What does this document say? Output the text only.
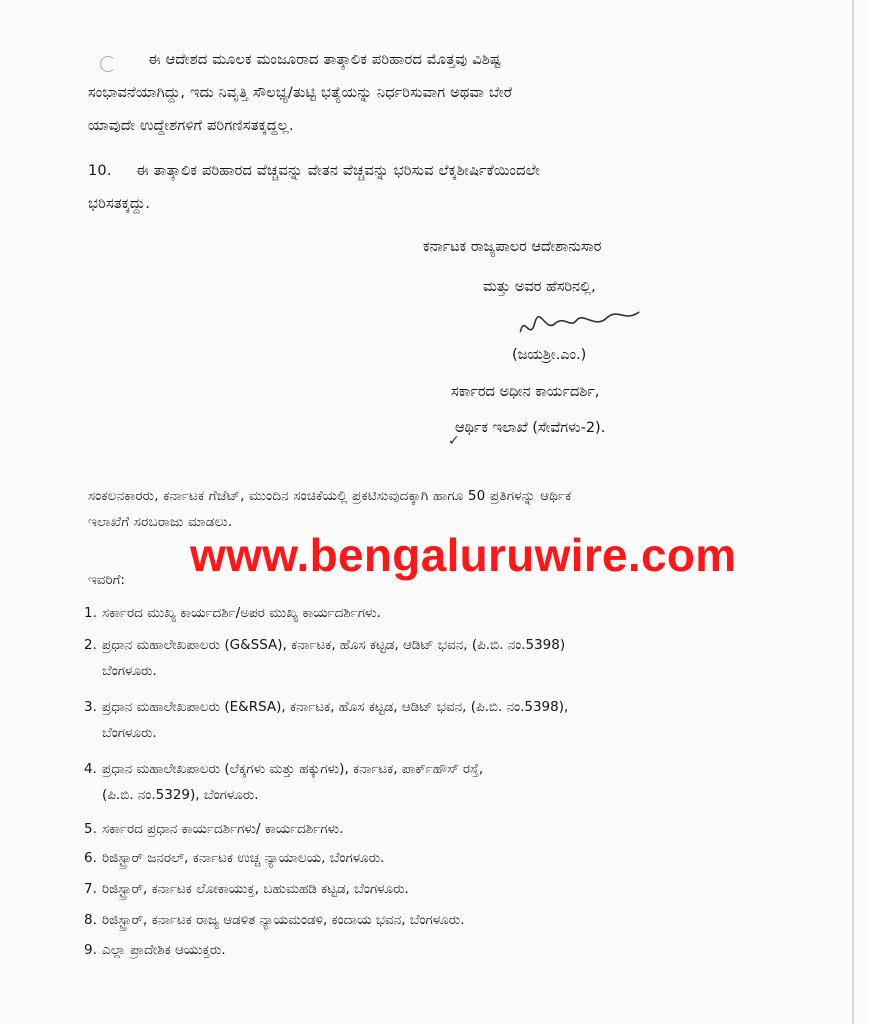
ಈ ಆದೇಶದ ಮೂಲಕ ಮಂಜೂರಾದ ತಾತ್ಕಾಲಿಕ ಪರಿಹಾರದ ಮೊತ್ತವು ವಿಶಿಷ್ಟ
ಸಂಭಾವನೆಯಾಗಿದ್ದು, ಇದು ನಿವೃತ್ತಿ ಸೌಲಭ್ಯ/ತುಟ್ಟಿ ಭತ್ಯೆಯನ್ನು ನಿರ್ಧರಿಸುವಾಗ ಅಥವಾ ಬೇರೆ
ಯಾವುದೇ ಉದ್ದೇಶಗಳಿಗೆ ಪರಿಗಣಿಸತಕ್ಕದ್ದಲ್ಲ.
10. ಈ ತಾತ್ಕಾಲಿಕ ಪರಿಹಾರದ ವೆಚ್ಚವನ್ನು ವೇತನ ವೆಚ್ಚವನ್ನು ಭರಿಸುವ ಲೆಕ್ಕಶೀರ್ಷಿಕೆಯಿಂದಲೇ
ಭರಿಸತಕ್ಕದ್ದು.
ಕರ್ನಾಟಕ ರಾಜ್ಯಪಾಲರ ಆದೇಶಾನುಸಾರ
ಮತ್ತು ಅವರ ಹೆಸರಿನಲ್ಲಿ,
(ಜಯಶ್ರೀ.ಎಂ.)
ಸರ್ಕಾರದ ಅಧೀನ ಕಾರ್ಯದರ್ಶಿ,
✓
ಆರ್ಥಿಕ ಇಲಾಖೆ (ಸೇವೆಗಳು-2).
ಸಂಕಲನಕಾರರು, ಕರ್ನಾಟಕ ಗೆಜೆಟ್, ಮುಂದಿನ ಸಂಚಿಕೆಯಲ್ಲಿ ಪ್ರಕಟಿಸುವುದಕ್ಕಾಗಿ ಹಾಗೂ 50 ಪ್ರತಿಗಳನ್ನು ಆರ್ಥಿಕ
ಇಲಾಖೆಗೆ ಸರಬರಾಜು ಮಾಡಲು.
www.bengaluruwire.com
ಇವರಿಗೆ:
1. ಸರ್ಕಾರದ ಮುಖ್ಯ ಕಾರ್ಯದರ್ಶಿ/ಅಪರ ಮುಖ್ಯ ಕಾರ್ಯದರ್ಶಿಗಳು.
2. ಪ್ರಧಾನ ಮಹಾಲೇಖಪಾಲರು (G&SSA), ಕರ್ನಾಟಕ, ಹೊಸ ಕಟ್ಟಡ, ಆಡಿಟ್ ಭವನ, (ಪಿ.ಬಿ. ನಂ.5398)
ಬೆಂಗಳೂರು.
3. ಪ್ರಧಾನ ಮಹಾಲೇಖಪಾಲರು (E&RSA), ಕರ್ನಾಟಕ, ಹೊಸ ಕಟ್ಟಡ, ಆಡಿಟ್ ಭವನ, (ಪಿ.ಬಿ. ನಂ.5398),
ಬೆಂಗಳೂರು.
4. ಪ್ರಧಾನ ಮಹಾಲೇಖಪಾಲರು (ಲೆಕ್ಕಗಳು ಮತ್ತು ಹಕ್ಕುಗಳು), ಕರ್ನಾಟಕ, ಪಾರ್ಕ್‌ಹೌಸ್ ರಸ್ತೆ,
(ಪಿ.ಬಿ. ನಂ.5329), ಬೆಂಗಳೂರು.
5. ಸರ್ಕಾರದ ಪ್ರಧಾನ ಕಾರ್ಯದರ್ಶಿಗಳು/ ಕಾರ್ಯದರ್ಶಿಗಳು.
6. ರಿಜಿಸ್ಟ್ರಾರ್ ಜನರಲ್, ಕರ್ನಾಟಕ ಉಚ್ಚ ನ್ಯಾಯಾಲಯ, ಬೆಂಗಳೂರು.
7. ರಿಜಿಸ್ಟ್ರಾರ್, ಕರ್ನಾಟಕ ಲೋಕಾಯುಕ್ತ, ಬಹುಮಹಡಿ ಕಟ್ಟಡ, ಬೆಂಗಳೂರು.
8. ರಿಜಿಸ್ಟ್ರಾರ್, ಕರ್ನಾಟಕ ರಾಜ್ಯ ಆಡಳಿತ ನ್ಯಾಯಮಂಡಳಿ, ಕಂದಾಯ ಭವನ, ಬೆಂಗಳೂರು.
9. ಎಲ್ಲಾ ಪ್ರಾದೇಶಿಕ ಆಯುಕ್ತರು.
